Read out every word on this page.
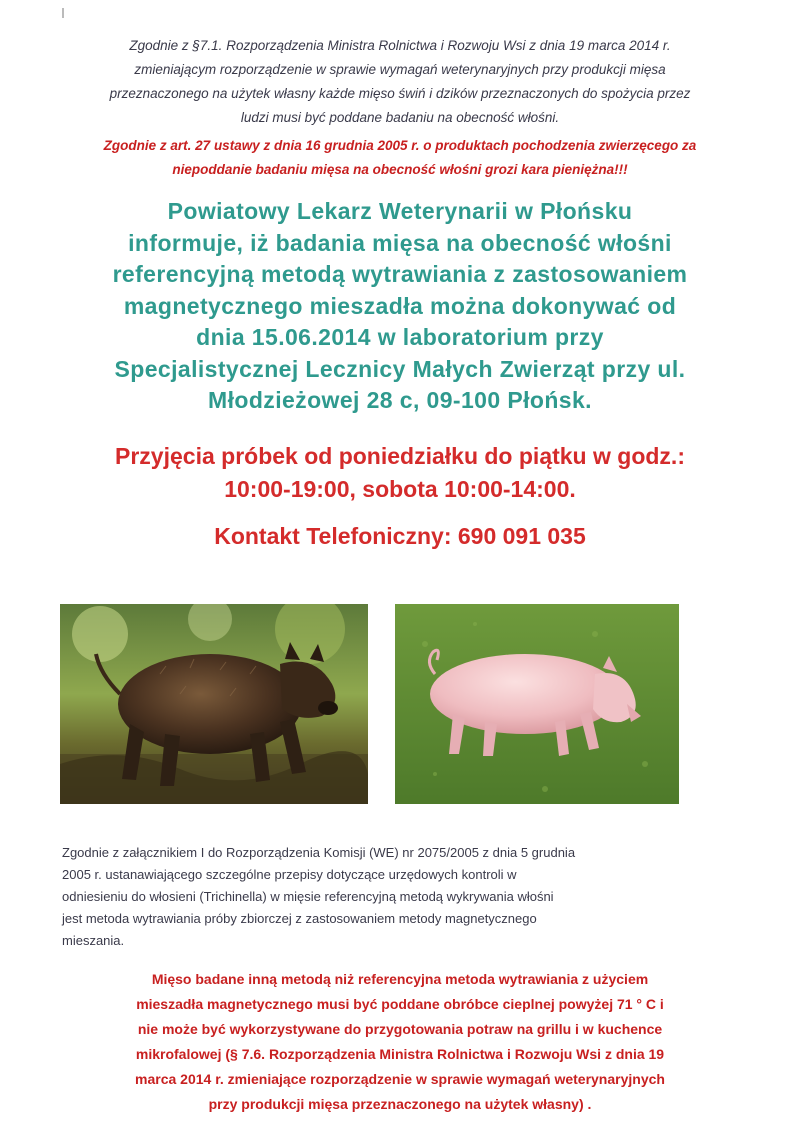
Zgodnie z §7.1. Rozporządzenia Ministra Rolnictwa i Rozwoju Wsi z dnia 19 marca 2014 r.
zmieniającym rozporządzenie w sprawie wymagań weterynaryjnych przy produkcji mięsa
przeznaczonego na użytek własny każde mięso świń i dzików przeznaczonych do spożycia przez
ludzi musi być poddane badaniu na obecność włośni.
Zgodnie z art. 27 ustawy z dnia 16 grudnia 2005 r. o produktach pochodzenia zwierzęcego za
niepoddanie badaniu mięsa na obecność włośni grozi kara pieniężna!!!
Powiatowy Lekarz Weterynarii w Płońsku
informuje, iż badania mięsa na obecność włośni
referencyjną metodą wytrawiania z zastosowaniem
magnetycznego mieszadła można dokonywać od
dnia 15.06.2014 w laboratorium przy
Specjalistycznej Lecznicy Małych Zwierząt przy ul.
Młodzieżowej 28 c, 09-100 Płońsk.
Przyjęcia próbek od poniedziałku do piątku w godz.:
10:00-19:00, sobota 10:00-14:00.
Kontakt Telefoniczny: 690 091 035
Zgodnie z załącznikiem I do Rozporządzenia Komisji (WE) nr 2075/2005 z dnia 5 grudnia
2005 r. ustanawiającego szczególne przepisy dotyczące urzędowych kontroli w
odniesieniu do włosieni (Trichinella) w mięsie referencyjną metodą wykrywania włośni
jest metoda wytrawiania próby zbiorczej z zastosowaniem metody magnetycznego
mieszania.
Mięso badane inną metodą niż referencyjna metoda wytrawiania z użyciem
mieszadła magnetycznego musi być poddane obróbce cieplnej powyżej 71 ° C i
nie może być wykorzystywane do przygotowania potraw na grillu i w kuchence
mikrofalowej (§ 7.6. Rozporządzenia Ministra Rolnictwa i Rozwoju Wsi z dnia 19
marca 2014 r. zmieniające rozporządzenie w sprawie wymagań weterynaryjnych
przy produkcji mięsa przeznaczonego na użytek własny) .
